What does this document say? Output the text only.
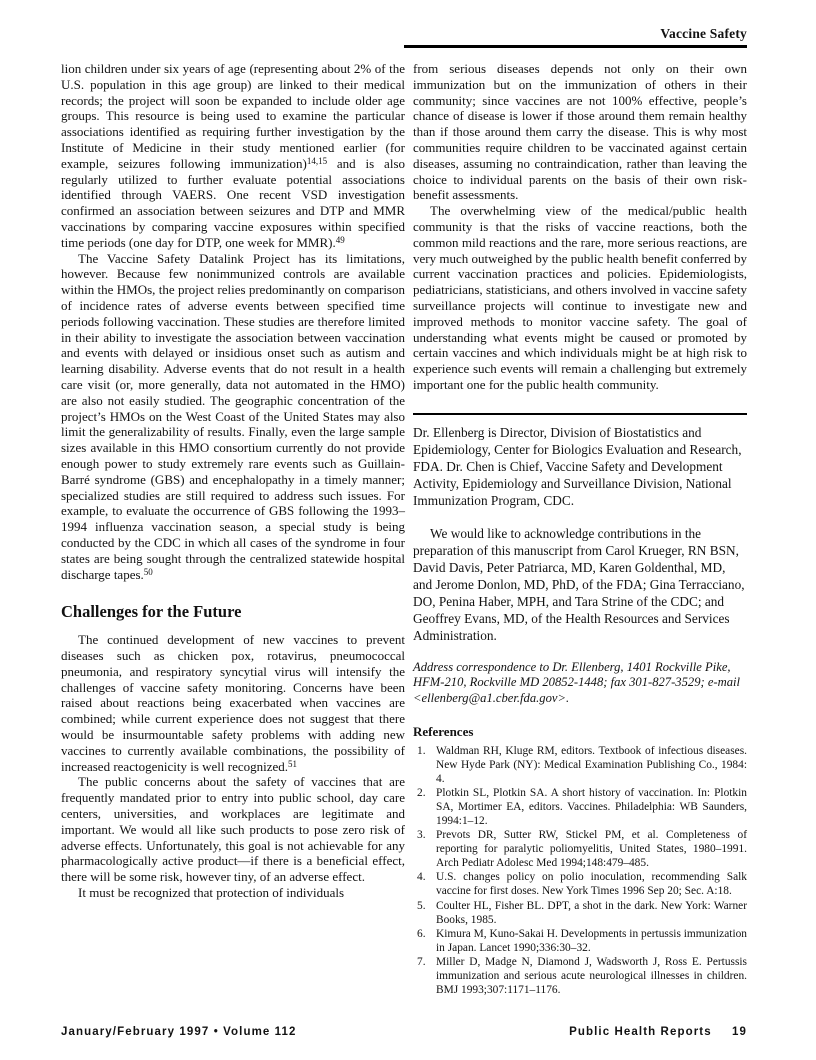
Vaccine Safety

lion children under six years of age (representing about 2% of the U.S. population in this age group) are linked to their medical records; the project will soon be expanded to include older age groups. This resource is being used to examine the particular associations identified as requiring further investigation by the Institute of Medicine in their study mentioned earlier (for example, seizures following immunization)$^{14,15}$ and is also regularly utilized to further evaluate potential associations identified through VAERS. One recent VSD investigation confirmed an association between seizures and DTP and MMR vaccinations by comparing vaccine exposures within specified time periods (one day for DTP, one week for MMR).$^{49}$

The Vaccine Safety Datalink Project has its limitations, however. Because few nonimmunized controls are available within the HMOs, the project relies predominantly on comparison of incidence rates of adverse events between specified time periods following vaccination. These studies are therefore limited in their ability to investigate the association between vaccination and events with delayed or insidious onset such as autism and learning disability. Adverse events that do not result in a health care visit (or, more generally, data not automated in the HMO) are also not easily studied. The geographic concentration of the project’s HMOs on the West Coast of the United States may also limit the generalizability of results. Finally, even the large sample sizes available in this HMO consortium currently do not provide enough power to study extremely rare events such as Guillain-Barré syndrome (GBS) and encephalopathy in a timely manner; specialized studies are still required to address such issues. For example, to evaluate the occurrence of GBS following the 1993–1994 influenza vaccination season, a special study is being conducted by the CDC in which all cases of the syndrome in four states are being sought through the centralized statewide hospital discharge tapes.$^{50}$

Challenges for the Future

The continued development of new vaccines to prevent diseases such as chicken pox, rotavirus, pneumococcal pneumonia, and respiratory syncytial virus will intensify the challenges of vaccine safety monitoring. Concerns have been raised about reactions being exacerbated when vaccines are combined; while current experience does not suggest that there would be insurmountable safety problems with adding new vaccines to currently available combinations, the possibility of increased reactogenicity is well recognized.$^{51}$

The public concerns about the safety of vaccines that are frequently mandated prior to entry into public school, day care centers, universities, and workplaces are legitimate and important. We would all like such products to pose zero risk of adverse effects. Unfortunately, this goal is not achievable for any pharmacologically active product—if there is a beneficial effect, there will be some risk, however tiny, of an adverse effect.

It must be recognized that protection of individuals

from serious diseases depends not only on their own immunization but on the immunization of others in their community; since vaccines are not 100% effective, people’s chance of disease is lower if those around them remain healthy than if those around them carry the disease. This is why most communities require children to be vaccinated against certain diseases, assuming no contraindication, rather than leaving the choice to individual parents on the basis of their own risk-benefit assessments.

The overwhelming view of the medical/public health community is that the risks of vaccine reactions, both the common mild reactions and the rare, more serious reactions, are very much outweighed by the public health benefit conferred by current vaccination practices and policies. Epidemiologists, pediatricians, statisticians, and others involved in vaccine safety surveillance projects will continue to investigate new and improved methods to monitor vaccine safety. The goal of understanding what events might be caused or promoted by certain vaccines and which individuals might be at high risk to experience such events will remain a challenging but extremely important one for the public health community.

Dr. Ellenberg is Director, Division of Biostatistics and Epidemiology, Center for Biologics Evaluation and Research, FDA. Dr. Chen is Chief, Vaccine Safety and Development Activity, Epidemiology and Surveillance Division, National Immunization Program, CDC.

We would like to acknowledge contributions in the preparation of this manuscript from Carol Krueger, RN BSN, David Davis, Peter Patriarca, MD, Karen Goldenthal, MD, and Jerome Donlon, MD, PhD, of the FDA; Gina Terracciano, DO, Penina Haber, MPH, and Tara Strine of the CDC; and Geoffrey Evans, MD, of the Health Resources and Services Administration.

Address correspondence to Dr. Ellenberg, 1401 Rockville Pike, HFM-210, Rockville MD 20852-1448; fax 301-827-3529; e-mail <ellenberg@a1.cber.fda.gov>.

References
1. Waldman RH, Kluge RM, editors. Textbook of infectious diseases. New Hyde Park (NY): Medical Examination Publishing Co., 1984: 4.
2. Plotkin SL, Plotkin SA. A short history of vaccination. In: Plotkin SA, Mortimer EA, editors. Vaccines. Philadelphia: WB Saunders, 1994:1–12.
3. Prevots DR, Sutter RW, Stickel PM, et al. Completeness of reporting for paralytic poliomyelitis, United States, 1980–1991. Arch Pediatr Adolesc Med 1994;148:479–485.
4. U.S. changes policy on polio inoculation, recommending Salk vaccine for first doses. New York Times 1996 Sep 20; Sec. A:18.
5. Coulter HL, Fisher BL. DPT, a shot in the dark. New York: Warner Books, 1985.
6. Kimura M, Kuno-Sakai H. Developments in pertussis immunization in Japan. Lancet 1990;336:30–32.
7. Miller D, Madge N, Diamond J, Wadsworth J, Ross E. Pertussis immunization and serious acute neurological illnesses in children. BMJ 1993;307:1171–1176.
January/February 1997 • Volume 112	Public Health Reports 19
